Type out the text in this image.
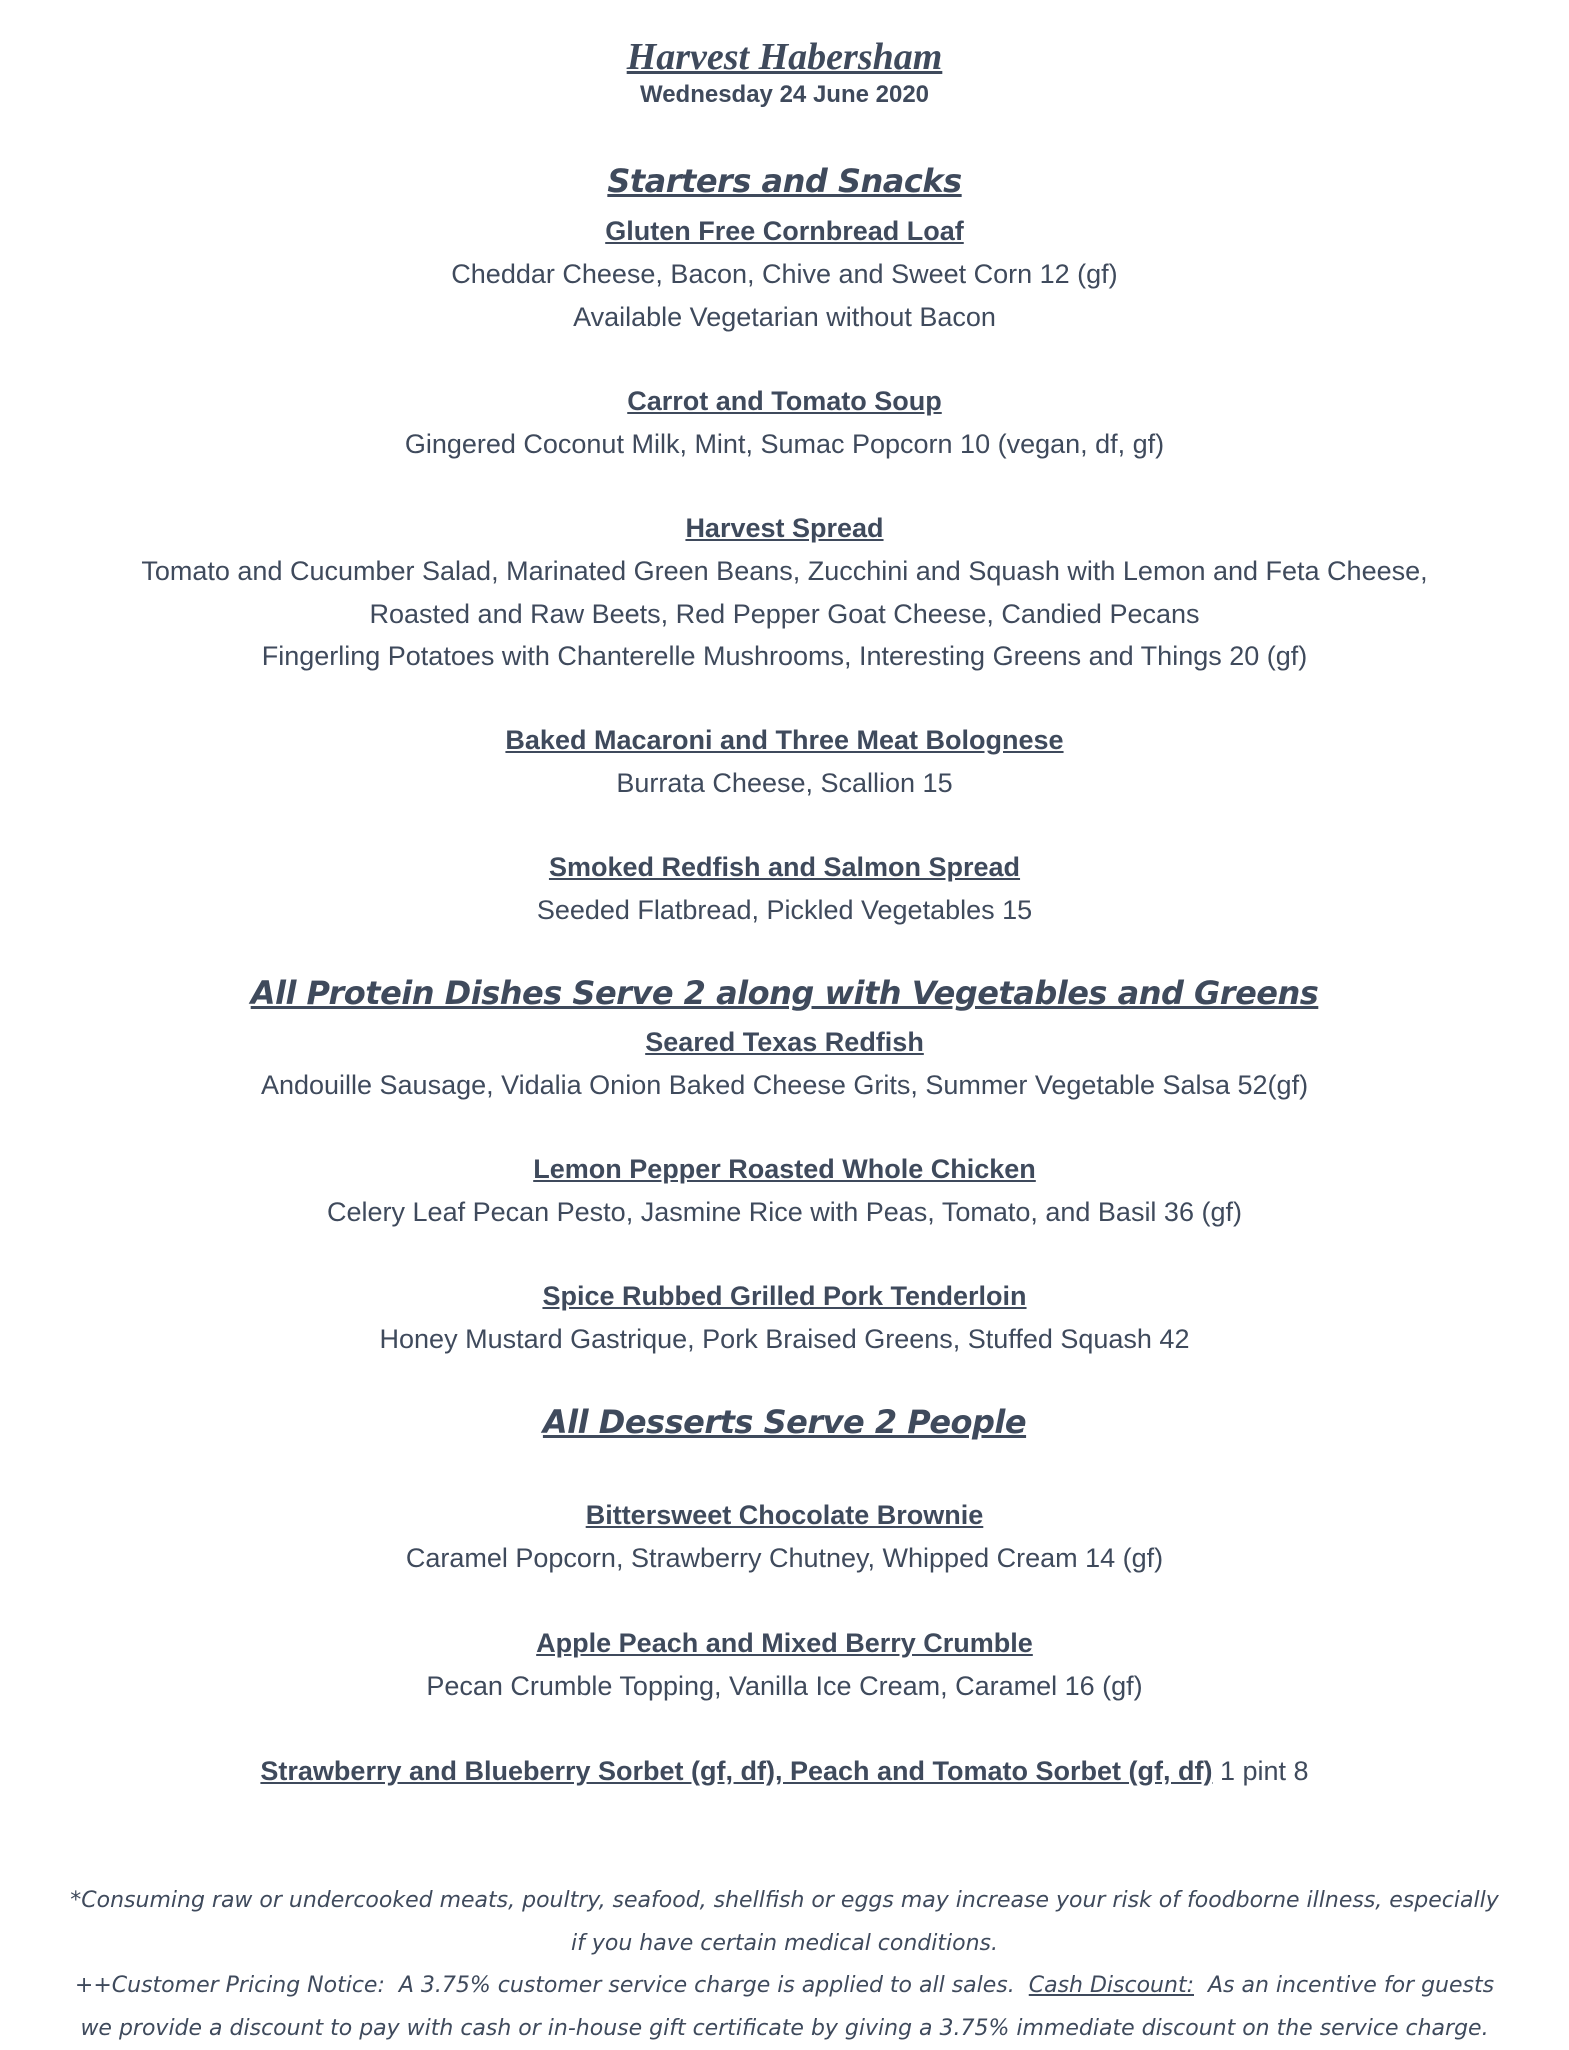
Harvest Habersham
Wednesday 24 June 2020
Starters and Snacks
Gluten Free Cornbread Loaf
Cheddar Cheese, Bacon, Chive and Sweet Corn 12 (gf)
Available Vegetarian without Bacon
Carrot and Tomato Soup
Gingered Coconut Milk, Mint, Sumac Popcorn 10 (vegan, df, gf)
Harvest Spread
Tomato and Cucumber Salad, Marinated Green Beans, Zucchini and Squash with Lemon and Feta Cheese,
Roasted and Raw Beets, Red Pepper Goat Cheese, Candied Pecans
Fingerling Potatoes with Chanterelle Mushrooms, Interesting Greens and Things 20 (gf)
Baked Macaroni and Three Meat Bolognese
Burrata Cheese, Scallion 15
Smoked Redfish and Salmon Spread
Seeded Flatbread, Pickled Vegetables 15
All Protein Dishes Serve 2 along with Vegetables and Greens
Seared Texas Redfish
Andouille Sausage, Vidalia Onion Baked Cheese Grits, Summer Vegetable Salsa 52(gf)
Lemon Pepper Roasted Whole Chicken
Celery Leaf Pecan Pesto, Jasmine Rice with Peas, Tomato, and Basil 36 (gf)
Spice Rubbed Grilled Pork Tenderloin
Honey Mustard Gastrique, Pork Braised Greens, Stuffed Squash 42
All Desserts Serve 2 People
Bittersweet Chocolate Brownie
Caramel Popcorn, Strawberry Chutney, Whipped Cream 14 (gf)
Apple Peach and Mixed Berry Crumble
Pecan Crumble Topping, Vanilla Ice Cream, Caramel 16 (gf)
Strawberry and Blueberry Sorbet (gf, df), Peach and Tomato Sorbet (gf, df) 1 pint 8
*Consuming raw or undercooked meats, poultry, seafood, shellfish or eggs may increase your risk of foodborne illness, especially
if you have certain medical conditions.
++Customer Pricing Notice:  A 3.75% customer service charge is applied to all sales.  Cash Discount:  As an incentive for guests
we provide a discount to pay with cash or in-house gift certificate by giving a 3.75% immediate discount on the service charge.
